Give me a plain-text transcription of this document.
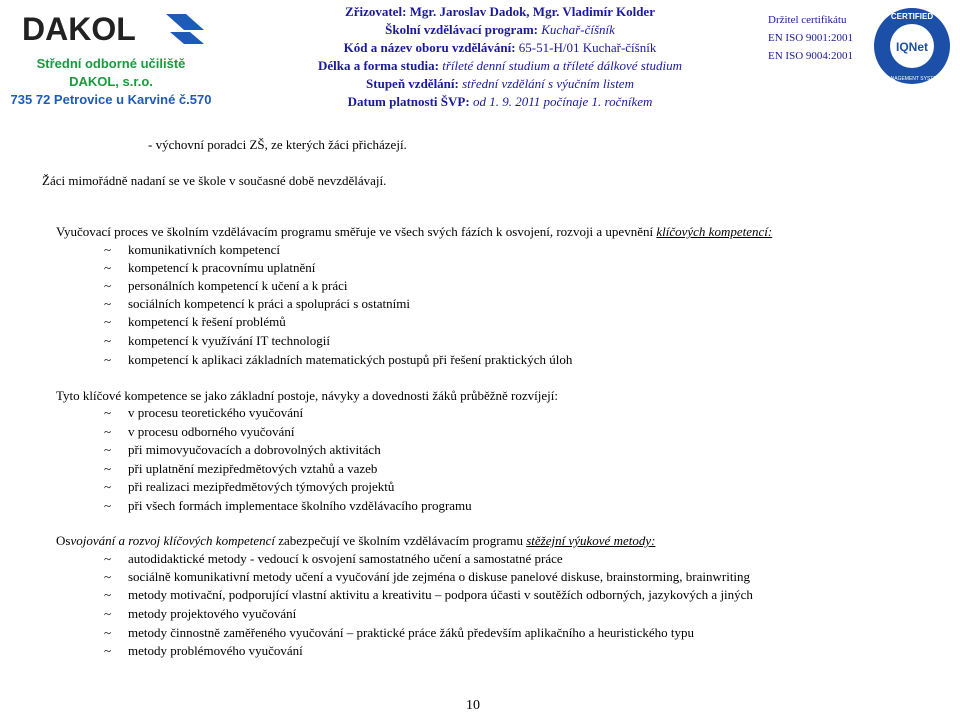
DAKOL
Střední odborné učiliště
DAKOL, s.r.o.
735 72 Petrovice u Karviné č.570
Zřizovatel: Mgr. Jaroslav Dadok, Mgr. Vladimír Kolder
Školní vzdělávací program: Kuchař-číšník
Kód a název oboru vzdělávání: 65-51-H/01 Kuchař-číšník
Délka a forma studia: tříleté denní studium a tříleté dálkové studium
Stupeň vzdělání: střední vzdělání s výučním listem
Datum platnosti ŠVP: od 1. 9. 2011 počínaje 1. ročníkem
Držitel certifikátu
EN ISO 9001:2001
EN ISO 9004:2001
IQNet
CERTIFIED
MANAGEMENT SYSTEM
- výchovní poradci ZŠ, ze kterých žáci přicházejí.
Žáci mimořádně nadaní se ve škole v současné době nevzdělávají.
Vyučovací proces ve školním vzdělávacím programu směřuje ve všech svých fázích k osvojení, rozvoji a upevnění klíčových kompetencí:
~ komunikativních kompetencí
~ kompetencí k pracovnímu uplatnění
~ personálních kompetencí k učení a k práci
~ sociálních kompetencí k práci a spolupráci s ostatními
~ kompetencí k řešení problémů
~ kompetencí k využívání IT technologií
~ kompetencí k aplikaci základních matematických postupů při řešení praktických úloh
Tyto klíčové kompetence se jako základní postoje, návyky a dovednosti žáků průběžně rozvíjejí:
~ v procesu teoretického vyučování
~ v procesu odborného vyučování
~ při mimovyučovacích a dobrovolných aktivitách
~ při uplatnění mezipředmětových vztahů a vazeb
~ při realizaci mezipředmětových týmových projektů
~ při všech formách implementace školního vzdělávacího programu
Osvojování a rozvoj klíčových kompetencí zabezpečují ve školním vzdělávacím programu stěžejní výukové metody:
~ autodidaktické metody - vedoucí k osvojení samostatného učení a samostatné práce
~ sociálně komunikativní metody učení a vyučování jde zejména o diskuse panelové diskuse, brainstorming, brainwriting
~ metody motivační, podporující vlastní aktivitu a kreativitu – podpora účasti v soutěžích odborných, jazykových a jiných
~ metody projektového vyučování
~ metody činnostně zaměřeného vyučování – praktické práce žáků především aplikačního a heuristického typu
~ metody problémového vyučování
10
